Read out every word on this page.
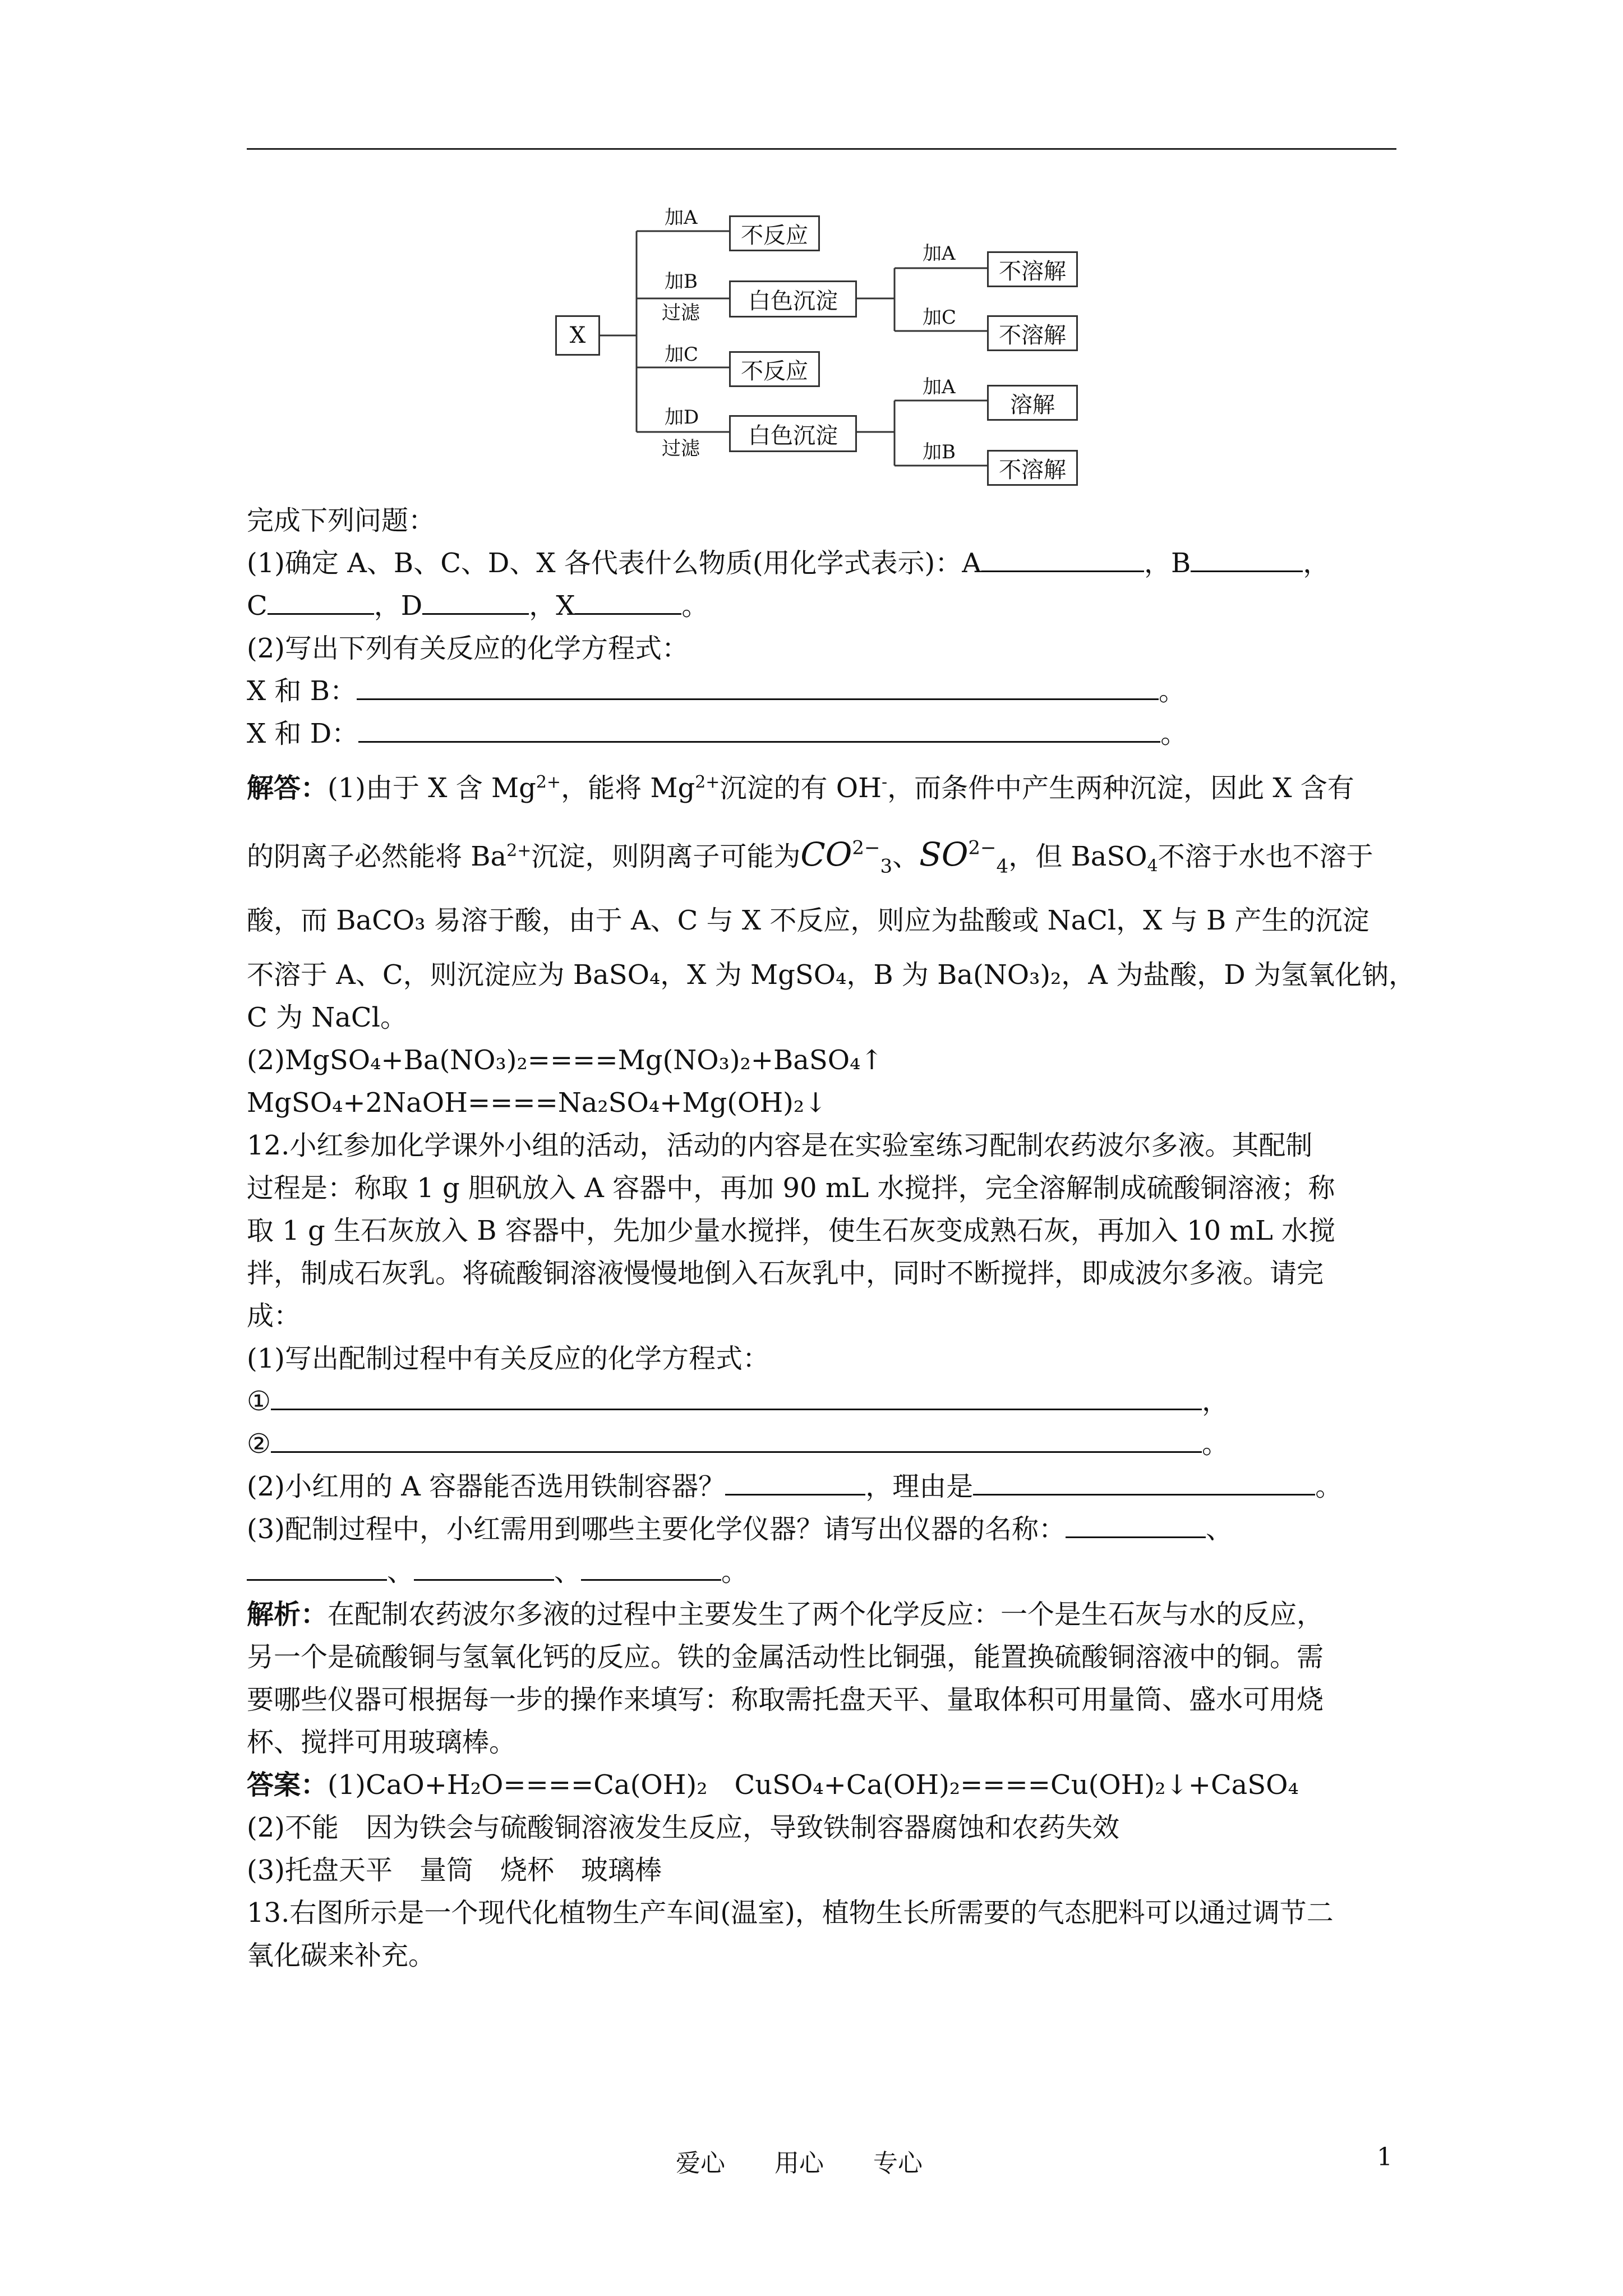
X
加A
不反应
加B
过滤	白色沉淀
加C
不反应
加D
过滤
白色沉淀
加A
不溶解
加C
不溶解
加A
溶解
加B
不溶解
完成下列问题：
(1)确定 A、B、C、D、X 各代表什么物质(用化学式表示)：A	，B	，
C	，D	，X	。
(2)写出下列有关反应的化学方程式：
X 和 B：	。
X 和 D：	。
解答：(1)由于 X 含 $Mg^{2+}$，能将 $Mg^{2+}$沉淀的有 OH-，而条件中产生两种沉淀，因此 X 含有
的阴离子必然能将 $Ba^{2+}$沉淀，则阴离子可能为$CO^{2-}_3$、$SO^{2-}_4$，但 BaSO$_4$不溶于水也不溶于
酸，而 BaCO₃ 易溶于酸，由于 A、C 与 X 不反应，则应为盐酸或 NaCl，X 与 B 产生的沉淀
不溶于 A、C，则沉淀应为 BaSO₄，X 为 MgSO₄，B 为 Ba(NO₃)₂，A 为盐酸，D 为氢氧化钠，
C 为 NaCl。
(2)MgSO₄+Ba(NO₃)₂====Mg(NO₃)₂+BaSO₄↑
MgSO₄+2NaOH====Na₂SO₄+Mg(OH)₂↓
12.小红参加化学课外小组的活动，活动的内容是在实验室练习配制农药波尔多液。其配制
过程是：称取 1 g 胆矾放入 A 容器中，再加 90 mL 水搅拌，完全溶解制成硫酸铜溶液；称
取 1 g 生石灰放入 B 容器中，先加少量水搅拌，使生石灰变成熟石灰，再加入 10 mL 水搅
拌，制成石灰乳。将硫酸铜溶液慢慢地倒入石灰乳中，同时不断搅拌，即成波尔多液。请完
成：
(1)写出配制过程中有关反应的化学方程式：
①	，
②	。
(2)小红用的 A 容器能否选用铁制容器？	，理由是	。
(3)配制过程中，小红需用到哪些主要化学仪器？请写出仪器的名称：	、
、	、	。
解析：在配制农药波尔多液的过程中主要发生了两个化学反应：一个是生石灰与水的反应，
另一个是硫酸铜与氢氧化钙的反应。铁的金属活动性比铜强，能置换硫酸铜溶液中的铜。需
要哪些仪器可根据每一步的操作来填写：称取需托盘天平、量取体积可用量筒、盛水可用烧
杯、搅拌可用玻璃棒。
答案：(1)CaO+H₂O====Ca(OH)₂　CuSO₄+Ca(OH)₂====Cu(OH)₂↓+CaSO₄
(2)不能　因为铁会与硫酸铜溶液发生反应，导致铁制容器腐蚀和农药失效
(3)托盘天平　量筒　烧杯　玻璃棒
13.右图所示是一个现代化植物生产车间(温室)，植物生长所需要的气态肥料可以通过调节二
氧化碳来补充。
爱心　　用心　　专心	1
